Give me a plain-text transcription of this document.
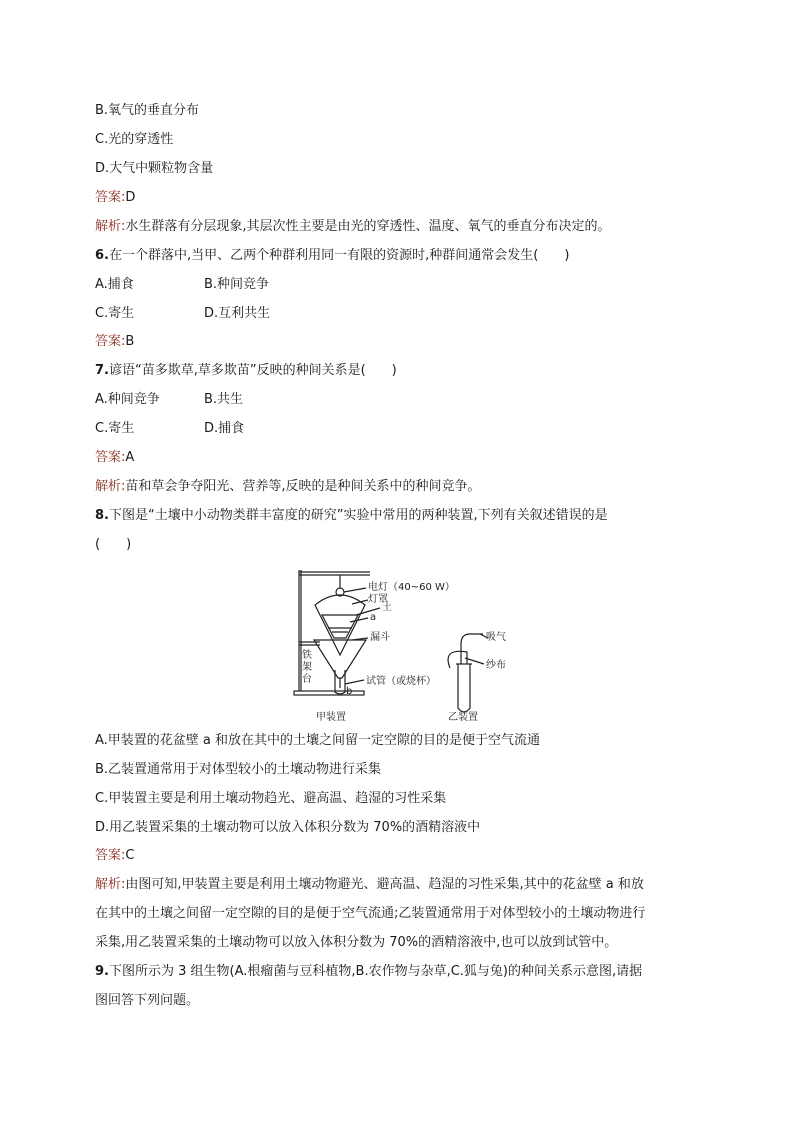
B.氧气的垂直分布
C.光的穿透性
D.大气中颗粒物含量
答案:D
解析:水生群落有分层现象,其层次性主要是由光的穿透性、温度、氧气的垂直分布决定的。
6.在一个群落中,当甲、乙两个种群利用同一有限的资源时,种群间通常会发生(　　)
A.捕食	B.种间竞争
C.寄生	D.互利共生
答案:B
7.谚语“苗多欺草,草多欺苗”反映的种间关系是(　　)
A.种间竞争	B.共生
C.寄生	D.捕食
答案:A
解析:苗和草会争夺阳光、营养等,反映的是种间关系中的种间竞争。
8.下图是“土壤中小动物类群丰富度的研究”实验中常用的两种装置,下列有关叙述错误的是
(　　)
电灯（40~60 W）
灯罩
土
a
漏斗
铁
架
台	试管（或烧杯）
b
吸气
纱布
甲装置	乙装置
A.甲装置的花盆壁 a 和放在其中的土壤之间留一定空隙的目的是便于空气流通
B.乙装置通常用于对体型较小的土壤动物进行采集
C.甲装置主要是利用土壤动物趋光、避高温、趋湿的习性采集
D.用乙装置采集的土壤动物可以放入体积分数为 70%的酒精溶液中
答案:C
解析:由图可知,甲装置主要是利用土壤动物避光、避高温、趋湿的习性采集,其中的花盆壁 a 和放
在其中的土壤之间留一定空隙的目的是便于空气流通;乙装置通常用于对体型较小的土壤动物进行
采集,用乙装置采集的土壤动物可以放入体积分数为 70%的酒精溶液中,也可以放到试管中。
9.下图所示为 3 组生物(A.根瘤菌与豆科植物,B.农作物与杂草,C.狐与兔)的种间关系示意图,请据
图回答下列问题。
